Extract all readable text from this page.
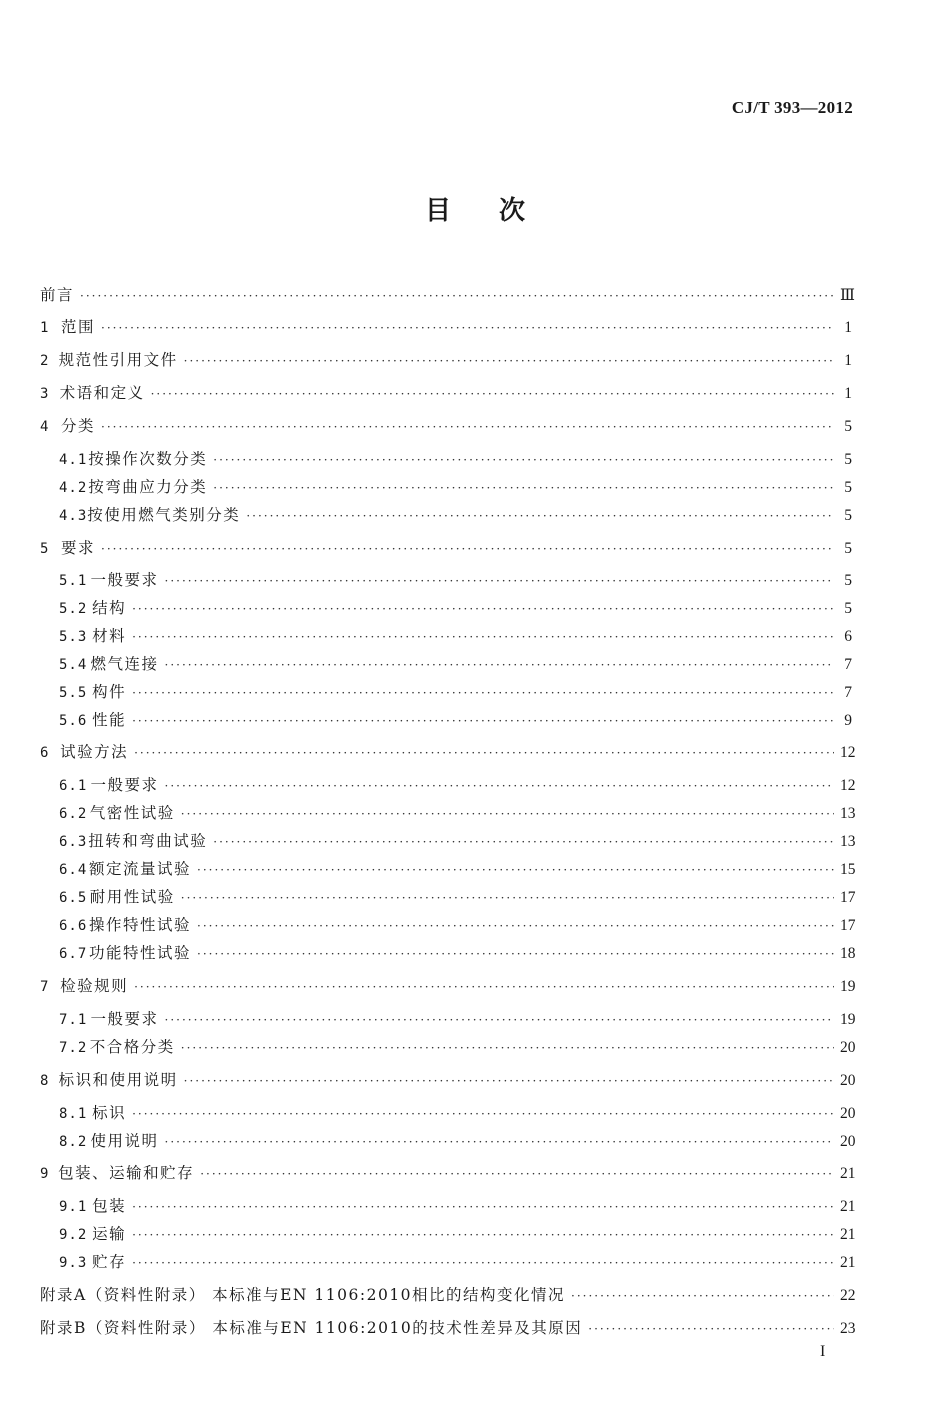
CJ/T 393—2012
目次
前言 ·····	Ⅲ
1 范围 ·····	1
2 规范性引用文件 ·····	1
3 术语和定义 ·····	1
4 分类 ·····	5
4.1 按操作次数分类 ·····	5
4.2 按弯曲应力分类 ·····	5
4.3 按使用燃气类别分类 ·····	5
5 要求 ·····	5
5.1 一般要求 ·····	5
5.2 结构 ·····	5
5.3 材料 ·····	6
5.4 燃气连接 ·····	7
5.5 构件 ·····	7
5.6 性能 ·····	9
6 试验方法 ·····	12
6.1 一般要求 ·····	12
6.2 气密性试验 ·····	13
6.3 扭转和弯曲试验 ·····	13
6.4 额定流量试验 ·····	15
6.5 耐用性试验 ·····	17
6.6 操作特性试验 ·····	17
6.7 功能特性试验 ·····	18
7 检验规则 ·····	19
7.1 一般要求 ·····	19
7.2 不合格分类 ·····	20
8 标识和使用说明 ·····	20
8.1 标识 ·····	20
8.2 使用说明 ·····	20
9 包装、运输和贮存 ·····	21
9.1 包装 ·····	21
9.2 运输 ·····	21
9.3 贮存 ·····	21
附录A（资料性附录） 本标准与EN 1106:2010相比的结构变化情况 ·····	22
附录B（资料性附录） 本标准与EN 1106:2010的技术性差异及其原因 ·····	23
I
